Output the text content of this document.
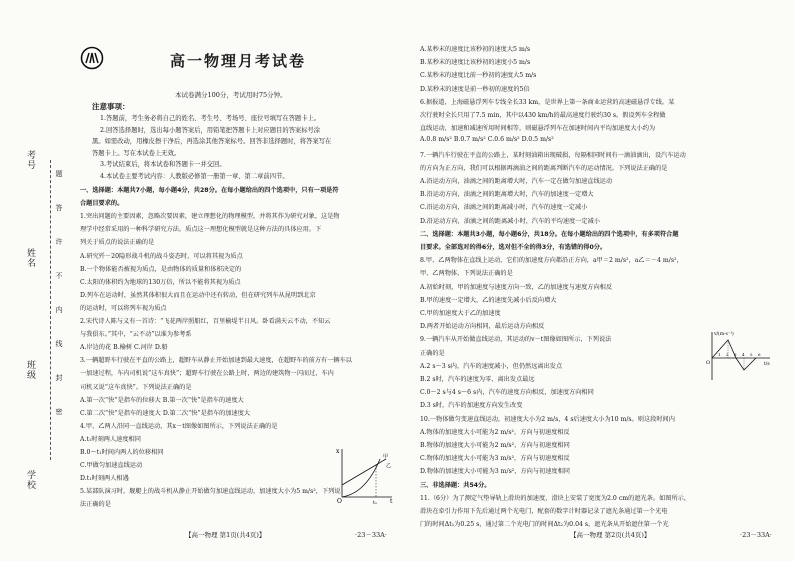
考号
姓名
班级
学校
题
答
许
不
内
线
封
密
高一物理月考试卷
本试卷满分100分，考试用时75分钟。
注意事项：
1.答题前，考生务必将自己的姓名、考生号、考场号、座位号填写在答题卡上。
2.回答选择题时，选出每小题答案后，用铅笔把答题卡上对应题目的答案标号涂
黑。如需改动，用橡皮擦干净后，再选涂其他答案标号。回答非选择题时，将答案写在
答题卡上。写在本试卷上无效。
3.考试结束后，将本试卷和答题卡一并交回。
4.本试卷主要考试内容：人教版必修第一册第一章、第二章前四节。
一、选择题：本题共7小题，每小题4分，共28分。在每小题给出的四个选项中，只有一项是符
合题目要求的。
1.突出问题的主要因素，忽略次要因素，建立理想化的物理模型，并将其作为研究对象，这是物
理学中经常采用的一种科学研究方法。质点这一理想化模型就是这种方法的具体应用。下
列关于质点的说法正确的是
A.研究歼－20隐形战斗机的战斗姿态时，可以将其视为质点
B.一个物体能否被视为质点，是由物体的质量和体积决定的
C.太阳的体积约为地球的130万倍，所以不能将其视为质点
D.列车在运动时，虽然其体积很大而且在运动中还有转动，但在研究列车从昆明到北京
的运动时，可以将列车视为质点
2.宋代诗人陈与义有一首诗：“飞花两岸照船红，百里榆堤半日风。卧看满天云不动，不知云
与我俱东。”其中，“云不动”以谁为参考系
A.岸边的花 B.榆树 C.河岸 D.船
3.一辆超野车行驶在平直的公路上，超野车从静止开始加速到最大速度，在超野车的前方有一辆车以
一加速过程，车内司机说“这车真快”；超野车行驶在公路上时，两边的建筑物一闪而过，车内
司机又说“这车真快”。下列说法正确的是
A.第一次“快”是指车的位移大 B.第一次“快”是指车的速度大
C.第二次“快”是指车的速度大 D.第二次“快”是指车的加速度大
4.甲、乙两人沿同一直线运动，其x－t图像如图所示，下列说法正确的是
A.t₁时刻两人速度相同
B.0～t₁时间内两人的位移相同
C.甲做匀加速直线运动
D.t₁时刻两人相遇
5.某部队演习时，舰艇上的战斗机从静止开始做匀加速直线运动，加速度大小为5 m/s²，下列说
法正确的是
A.某秒末的速度比该秒初的速度大5 m/s
B.某秒末的速度比该秒初的速度小5 m/s
C.某秒末的速度比前一秒初的速度大5 m/s
D.某秒末的速度是前一秒初的速度的5倍
6.据报道，上海磁悬浮列车专线全长33 km，是世界上第一条商业运营的高速磁悬浮专线。某
次行驶时全长只用了7.5 min，其中以430 km/h的最高速度行驶约30 s。假设列车全程做
直线运动，加速和减速所用时间相等，则磁悬浮列车在加速时间内平均加速度大小约为
A.0.8 m/s² B.0.7 m/s² C.0.6 m/s² D.0.5 m/s²
7.一辆汽车行驶在平直的公路上，某时刻油箱出现破损，每隔相同时间有一滴油滴出，设汽车运动
的方向为正方向，我们可以根据再滴油之间的距离判断汽车的运动情况。下列说法正确的是
A.沿运动方向，油滴之间的距离增大时，汽车一定在做匀加速直线运动
B.沿运动方向，油滴之间的距离增大时，汽车的加速度一定增大
C.沿运动方向，油滴之间的距离减小时，汽车的速度一定减小
D.沿运动方向，油滴之间的距离减小时，汽车的平均速度一定减小
二、选择题：本题共3小题，每小题6分，共18分。在每小题给出的四个选项中，有多项符合题
目要求。全部选对的得6分，选对但不全的得3分，有选错的得0分。
8.甲、乙两物体在直线上运动，它们的加速度方向都沿正方向，a甲＝2 m/s²，a乙＝－4 m/s²，
甲、乙两物体，下列说法正确的是
A.初始时刻，甲的加速度与速度方向一致，乙的加速度与速度方向相反
B.甲的速度一定增大，乙的速度先减小后反向增大
C.甲的加速度大于乙的加速度
D.两者开始运动方向相同，最后运动方向相反
9.一辆汽车从开始做直线运动，其运动的v－t图像如图所示，下列说法
正确的是
A.2 s～3 s内，汽车的速度减小，但仍然远离出发点
B.2 s时，汽车的速度为零，离出发点最远
C.0～2 s与4 s～6 s内，汽车的速度方向相反，加速度方向相同
D.3 s时，汽车的加速度方向发生改变
10.一物体做匀变速直线运动，初速度大小为2 m/s，4 s后速度大小为10 m/s。则这段时间内
A.物体的加速度大小可能为2 m/s²，方向与初速度相反
B.物体的加速度大小可能为2 m/s²，方向与初速度相同
C.物体的加速度大小可能为3 m/s²，方向与初速度相反
D.物体的加速度大小可能为3 m/s²，方向与初速度相同
三、非选择题：共54分。
11.（6分）为了测定气垫导轨上滑块的加速度，滑块上安装了宽度为2.0 cm的遮光条。如图所示，
滑块在牵引力作用下先后通过两个光电门，配套的数字计时器记录了遮光条通过第一个光电
门的时间Δt₁为0.25 s，通过第二个光电门的时间Δt₂为0.04 s，遮光条从开始遮住第一个光
x
t
O	t₁
甲
乙
v/(m·s⁻¹)
t/s
O
1 2 3 4 5 6
【高一物理 第1页(共4页)】	·23－33A·	【高一物理 第2页(共4页)】	·23－33A·
